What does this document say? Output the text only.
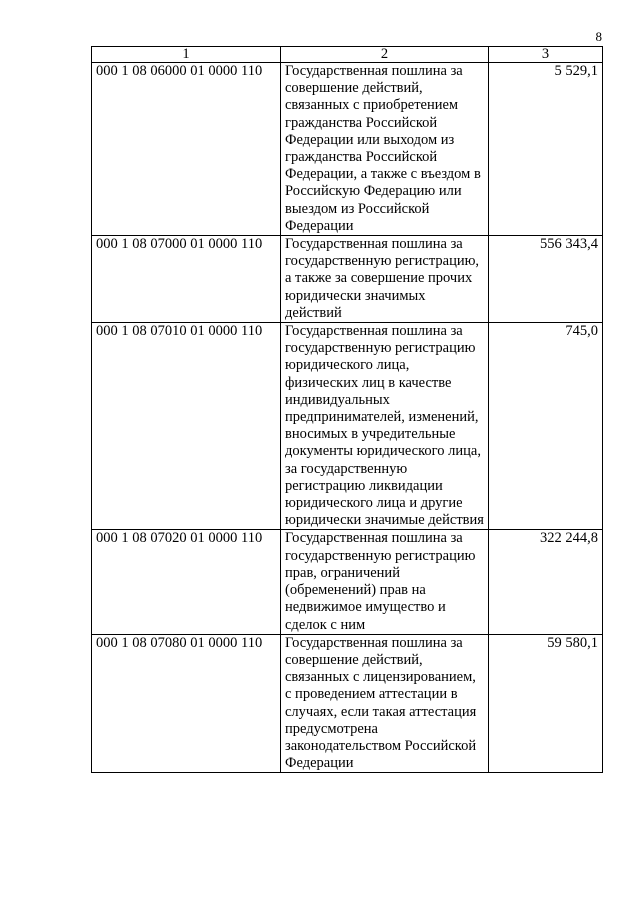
8
1	2	3
000 1 08 06000 01 0000 110	Государственная пошлина за совершение действий, связанных с приобретением гражданства Российской Федерации или выходом из гражданства Российской Федерации, а также с въездом в Российскую Федерацию или выездом из Российской Федерации	5 529,1
000 1 08 07000 01 0000 110	Государственная пошлина за государственную регистрацию, а также за совершение прочих юридически значимых действий	556 343,4
000 1 08 07010 01 0000 110	Государственная пошлина за государственную регистрацию юридического лица, физических лиц в качестве индивидуальных предпринимателей, изменений, вносимых в учредительные документы юридического лица, за государственную регистрацию ликвидации юридического лица и другие юридически значимые действия	745,0
000 1 08 07020 01 0000 110	Государственная пошлина за государственную регистрацию прав, ограничений (обременений) прав на недвижимое имущество и сделок с ним	322 244,8
000 1 08 07080 01 0000 110	Государственная пошлина за совершение действий, связанных с лицензированием, с проведением аттестации в случаях, если такая аттестация предусмотрена законодательством Российской Федерации	59 580,1
